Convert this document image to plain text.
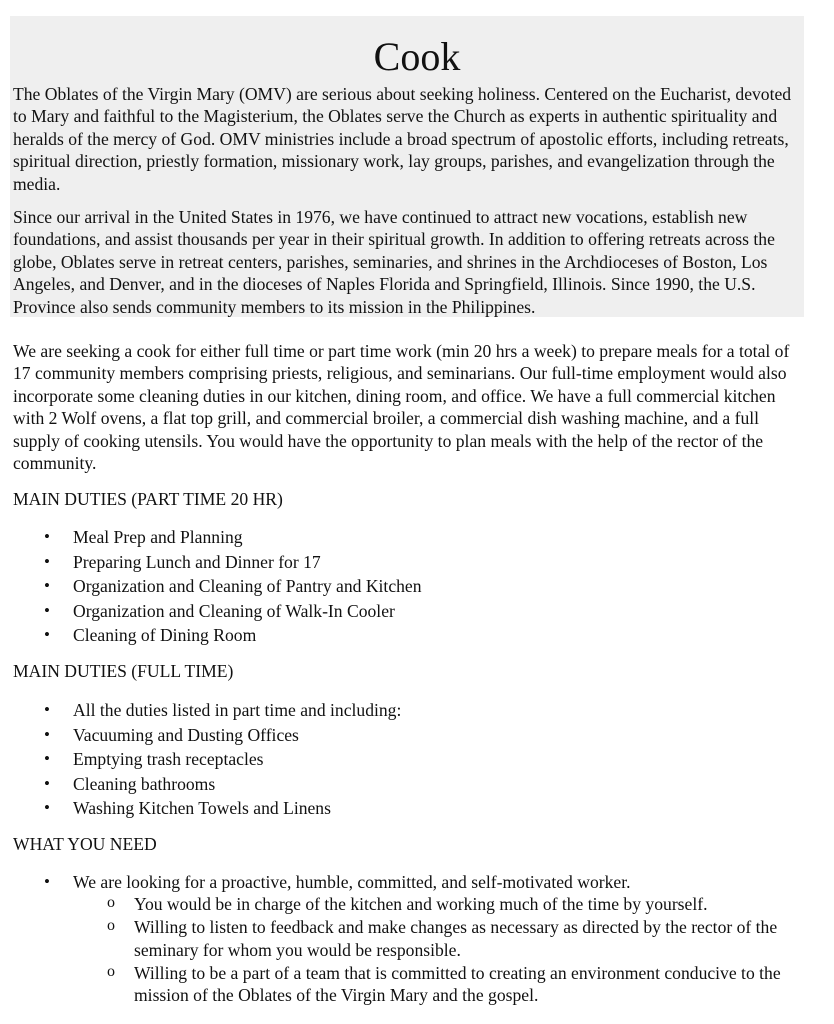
Cook

The Oblates of the Virgin Mary (OMV) are serious about seeking holiness. Centered on the Eucharist, devoted to Mary and faithful to the Magisterium, the Oblates serve the Church as experts in authentic spirituality and heralds of the mercy of God. OMV ministries include a broad spectrum of apostolic efforts, including retreats, spiritual direction, priestly formation, missionary work, lay groups, parishes, and evangelization through the media.

Since our arrival in the United States in 1976, we have continued to attract new vocations, establish new foundations, and assist thousands per year in their spiritual growth. In addition to offering retreats across the globe, Oblates serve in retreat centers, parishes, seminaries, and shrines in the Archdioceses of Boston, Los Angeles, and Denver, and in the dioceses of Naples Florida and Springfield, Illinois. Since 1990, the U.S. Province also sends community members to its mission in the Philippines.

We are seeking a cook for either full time or part time work (min 20 hrs a week) to prepare meals for a total of 17 community members comprising priests, religious, and seminarians. Our full-time employment would also incorporate some cleaning duties in our kitchen, dining room, and office. We have a full commercial kitchen with 2 Wolf ovens, a flat top grill, and commercial broiler, a commercial dish washing machine, and a full supply of cooking utensils. You would have the opportunity to plan meals with the help of the rector of the community.

MAIN DUTIES (PART TIME 20 HR)
• Meal Prep and Planning
• Preparing Lunch and Dinner for 17
• Organization and Cleaning of Pantry and Kitchen
• Organization and Cleaning of Walk-In Cooler
• Cleaning of Dining Room
MAIN DUTIES (FULL TIME)
• All the duties listed in part time and including:
• Vacuuming and Dusting Offices
• Emptying trash receptacles
• Cleaning bathrooms
• Washing Kitchen Towels and Linens
WHAT YOU NEED
• We are looking for a proactive, humble, committed, and self-motivated worker.
o You would be in charge of the kitchen and working much of the time by yourself.
o Willing to listen to feedback and make changes as necessary as directed by the rector of the seminary for whom you would be responsible.
o Willing to be a part of a team that is committed to creating an environment conducive to the mission of the Oblates of the Virgin Mary and the gospel.
